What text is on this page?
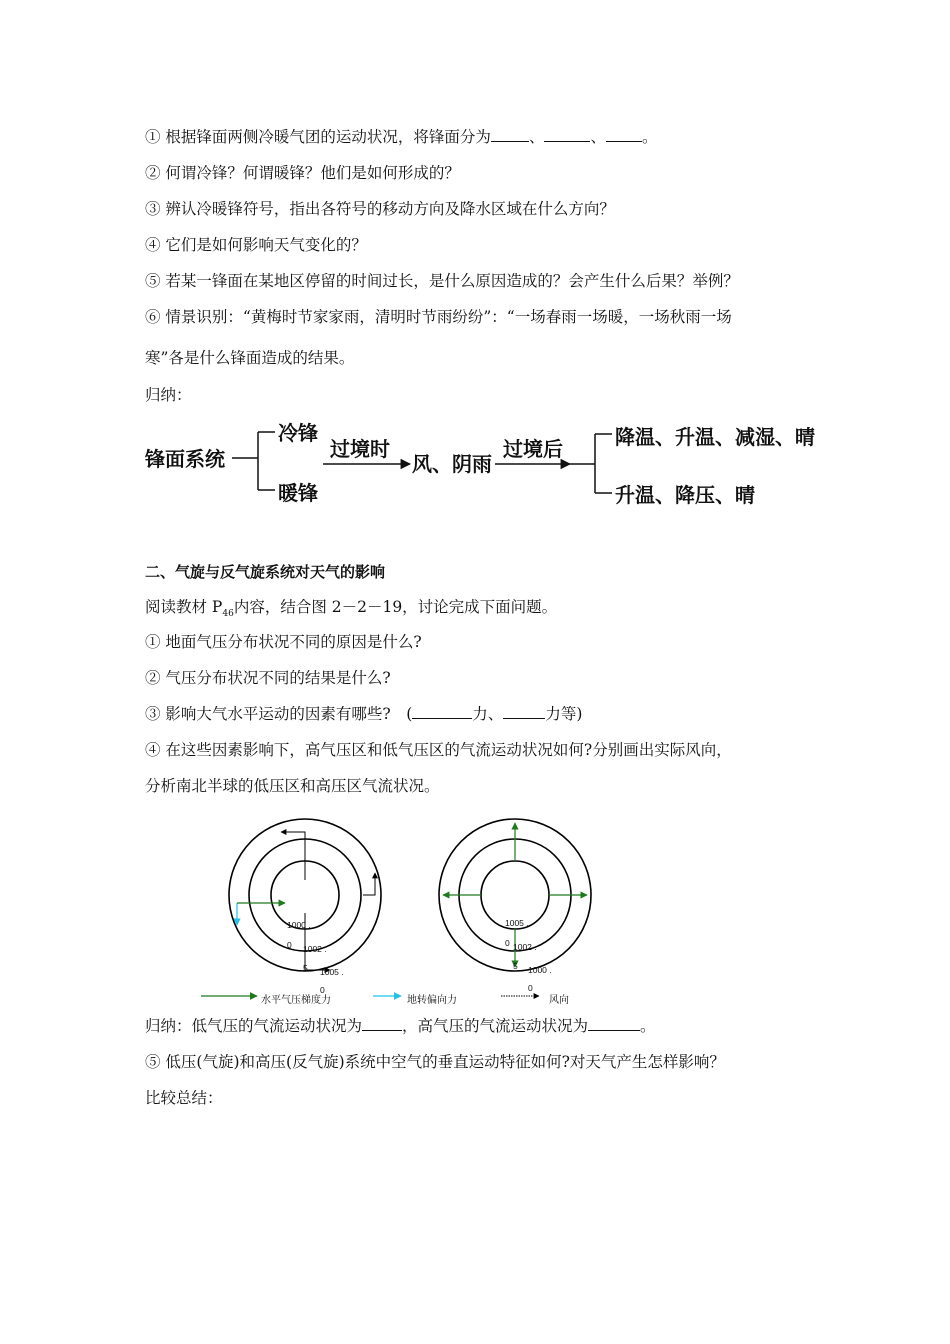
① 根据锋面两侧冷暖气团的运动状况，将锋面分为 、	、 。
② 何谓冷锋？何谓暖锋？他们是如何形成的？
③ 辨认冷暖锋符号，指出各符号的移动方向及降水区域在什么方向？
④ 它们是如何影响天气变化的？
⑤ 若某一锋面在某地区停留的时间过长，是什么原因造成的？会产生什么后果？举例？
⑥ 情景识别：“黄梅时节家家雨，清明时节雨纷纷”：“一场春雨一场暖，一场秋雨一场
寒”各是什么锋面造成的结果。
归纳：
锋面系统
冷锋
暖锋
过境时
风、阴雨
过境后	降温、升温、减湿、晴
升温、降压、晴
二、气旋与反气旋系统对天气的影响
阅读教材 $P_{46}$内容，结合图 2－2－19，讨论完成下面问题。
① 地面气压分布状况不同的原因是什么?
② 气压分布状况不同的结果是什么?
③ 影响大气水平运动的因素有哪些?　(	力、	力等)
④ 在这些因素影响下，高气压区和低气压区的气流运动状况如何?分别画出实际风向，
分析南北半球的低压区和高压区气流状况。
1000 .
0 1002 .
5 1005 .
0
1005 .
0 1002 .
5 1000 .
0
水平气压梯度力	地转偏向力	风向
归纳：低气压的气流运动状况为	，高气压的气流运动状况为	。
⑤ 低压(气旋)和高压(反气旋)系统中空气的垂直运动特征如何?对天气产生怎样影响？
比较总结：
